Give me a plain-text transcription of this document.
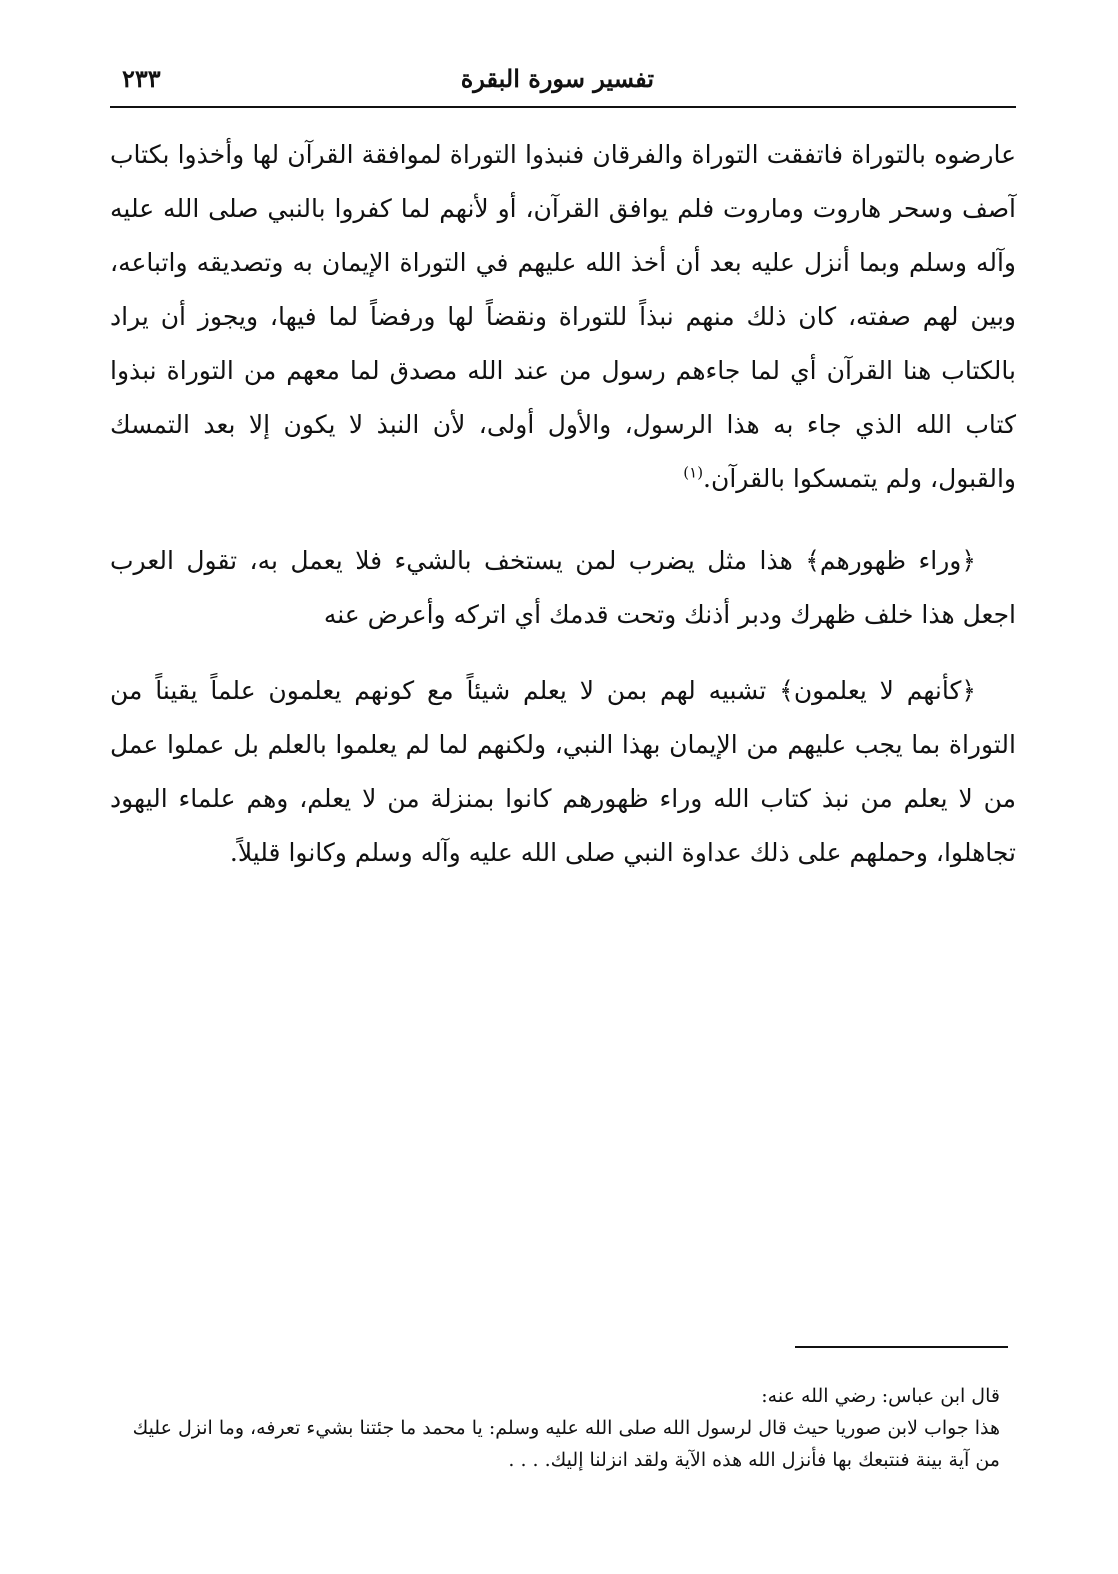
٢٣٣	تفسير سورة البقرة

عارضوه بالتوراة فاتفقت التوراة والفرقان فنبذوا التوراة لموافقة القرآن لها وأخذوا بكتاب آصف وسحر هاروت وماروت فلم يوافق القرآن، أو لأنهم لما كفروا بالنبي صلى الله عليه وآله وسلم وبما أنزل عليه بعد أن أخذ الله عليهم في التوراة الإيمان به وتصديقه واتباعه، وبين لهم صفته، كان ذلك منهم نبذاً للتوراة ونقضاً لها ورفضاً لما فيها، ويجوز أن يراد بالكتاب هنا القرآن أي لما جاءهم رسول من عند الله مصدق لما معهم من التوراة نبذوا كتاب الله الذي جاء به هذا الرسول، والأول أولى، لأن النبذ لا يكون إلا بعد التمسك والقبول، ولم يتمسكوا بالقرآن.$^{(١)}$

﴿وراء ظهورهم﴾ هذا مثل يضرب لمن يستخف بالشيء فلا يعمل به، تقول العرب اجعل هذا خلف ظهرك ودبر أذنك وتحت قدمك أي اتركه وأعرض عنه

﴿كأنهم لا يعلمون﴾ تشبيه لهم بمن لا يعلم شيئاً مع كونهم يعلمون علماً يقيناً من التوراة بما يجب عليهم من الإيمان بهذا النبي، ولكنهم لما لم يعلموا بالعلم بل عملوا عمل من لا يعلم من نبذ كتاب الله وراء ظهورهم كانوا بمنزلة من لا يعلم، وهم علماء اليهود تجاهلوا، وحملهم على ذلك عداوة النبي صلى الله عليه وآله وسلم وكانوا قليلاً.

قال ابن عباس: رضي الله عنه:

هذا جواب لابن صوريا حيث قال لرسول الله صلى الله عليه وسلم: يا محمد ما جئتنا بشيء تعرفه، وما انزل عليك من آية بينة فنتبعك بها فأنزل الله هذه الآية ولقد انزلنا إليك. . . .
